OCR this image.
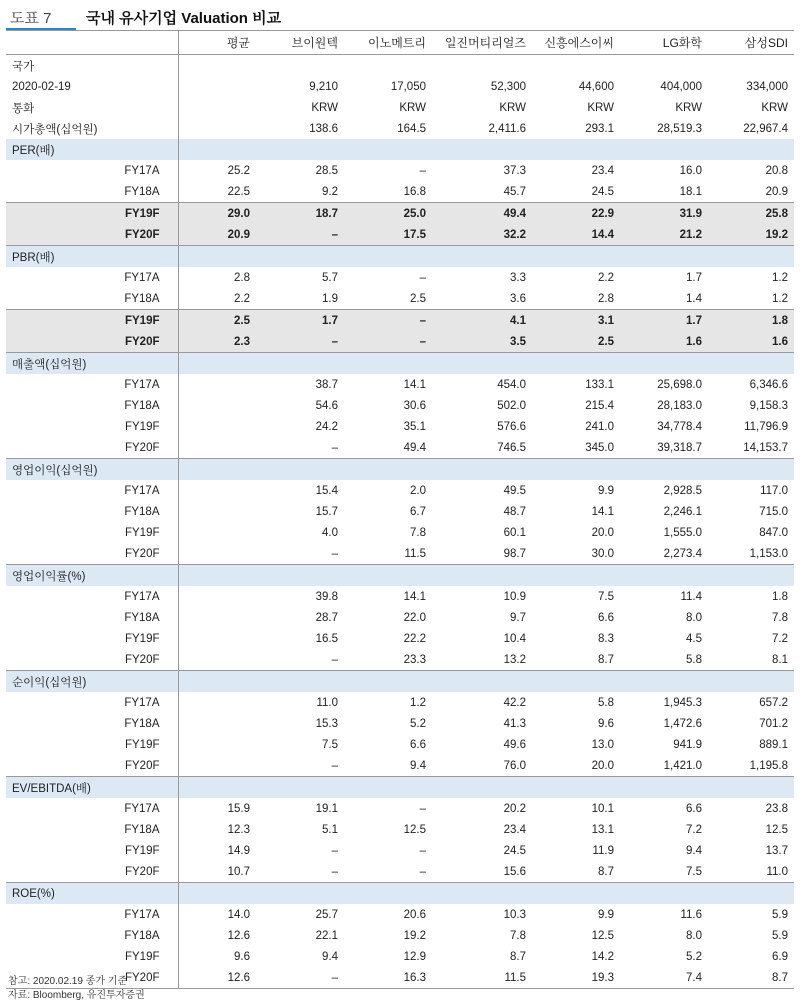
도표 7 국내 유사기업 Valuation 비교
	평균	브이원텍	이노메트리	일진머티리얼즈	신흥에스이씨	LG화학	삼성SDI
국가							
2020-02-19		9,210	17,050	52,300	44,600	404,000	334,000
통화		KRW	KRW	KRW	KRW	KRW	KRW
시가총액(십억원)		138.6	164.5	2,411.6	293.1	28,519.3	22,967.4
PER(배)							
FY17A	25.2	28.5	–	37.3	23.4	16.0	20.8
FY18A	22.5	9.2	16.8	45.7	24.5	18.1	20.9
FY19F	29.0	18.7	25.0	49.4	22.9	31.9	25.8
FY20F	20.9	–	17.5	32.2	14.4	21.2	19.2
PBR(배)							
FY17A	2.8	5.7	–	3.3	2.2	1.7	1.2
FY18A	2.2	1.9	2.5	3.6	2.8	1.4	1.2
FY19F	2.5	1.7	–	4.1	3.1	1.7	1.8
FY20F	2.3	–	–	3.5	2.5	1.6	1.6
매출액(십억원)							
FY17A		38.7	14.1	454.0	133.1	25,698.0	6,346.6
FY18A		54.6	30.6	502.0	215.4	28,183.0	9,158.3
FY19F		24.2	35.1	576.6	241.0	34,778.4	11,796.9
FY20F		–	49.4	746.5	345.0	39,318.7	14,153.7
영업이익(십억원)							
FY17A		15.4	2.0	49.5	9.9	2,928.5	117.0
FY18A		15.7	6.7	48.7	14.1	2,246.1	715.0
FY19F		4.0	7.8	60.1	20.0	1,555.0	847.0
FY20F		–	11.5	98.7	30.0	2,273.4	1,153.0
영업이익률(%)							
FY17A		39.8	14.1	10.9	7.5	11.4	1.8
FY18A		28.7	22.0	9.7	6.6	8.0	7.8
FY19F		16.5	22.2	10.4	8.3	4.5	7.2
FY20F		–	23.3	13.2	8.7	5.8	8.1
순이익(십억원)							
FY17A		11.0	1.2	42.2	5.8	1,945.3	657.2
FY18A		15.3	5.2	41.3	9.6	1,472.6	701.2
FY19F		7.5	6.6	49.6	13.0	941.9	889.1
FY20F		–	9.4	76.0	20.0	1,421.0	1,195.8
EV/EBITDA(배)							
FY17A	15.9	19.1	–	20.2	10.1	6.6	23.8
FY18A	12.3	5.1	12.5	23.4	13.1	7.2	12.5
FY19F	14.9	–	–	24.5	11.9	9.4	13.7
FY20F	10.7	–	–	15.6	8.7	7.5	11.0
ROE(%)							
FY17A	14.0	25.7	20.6	10.3	9.9	11.6	5.9
FY18A	12.6	22.1	19.2	7.8	12.5	8.0	5.9
FY19F	9.6	9.4	12.9	8.7	14.2	5.2	6.9
FY20F	12.6	–	16.3	11.5	19.3	7.4	8.7
참고: 2020.02.19 종가 기준
자료: Bloomberg, 유진투자증권
